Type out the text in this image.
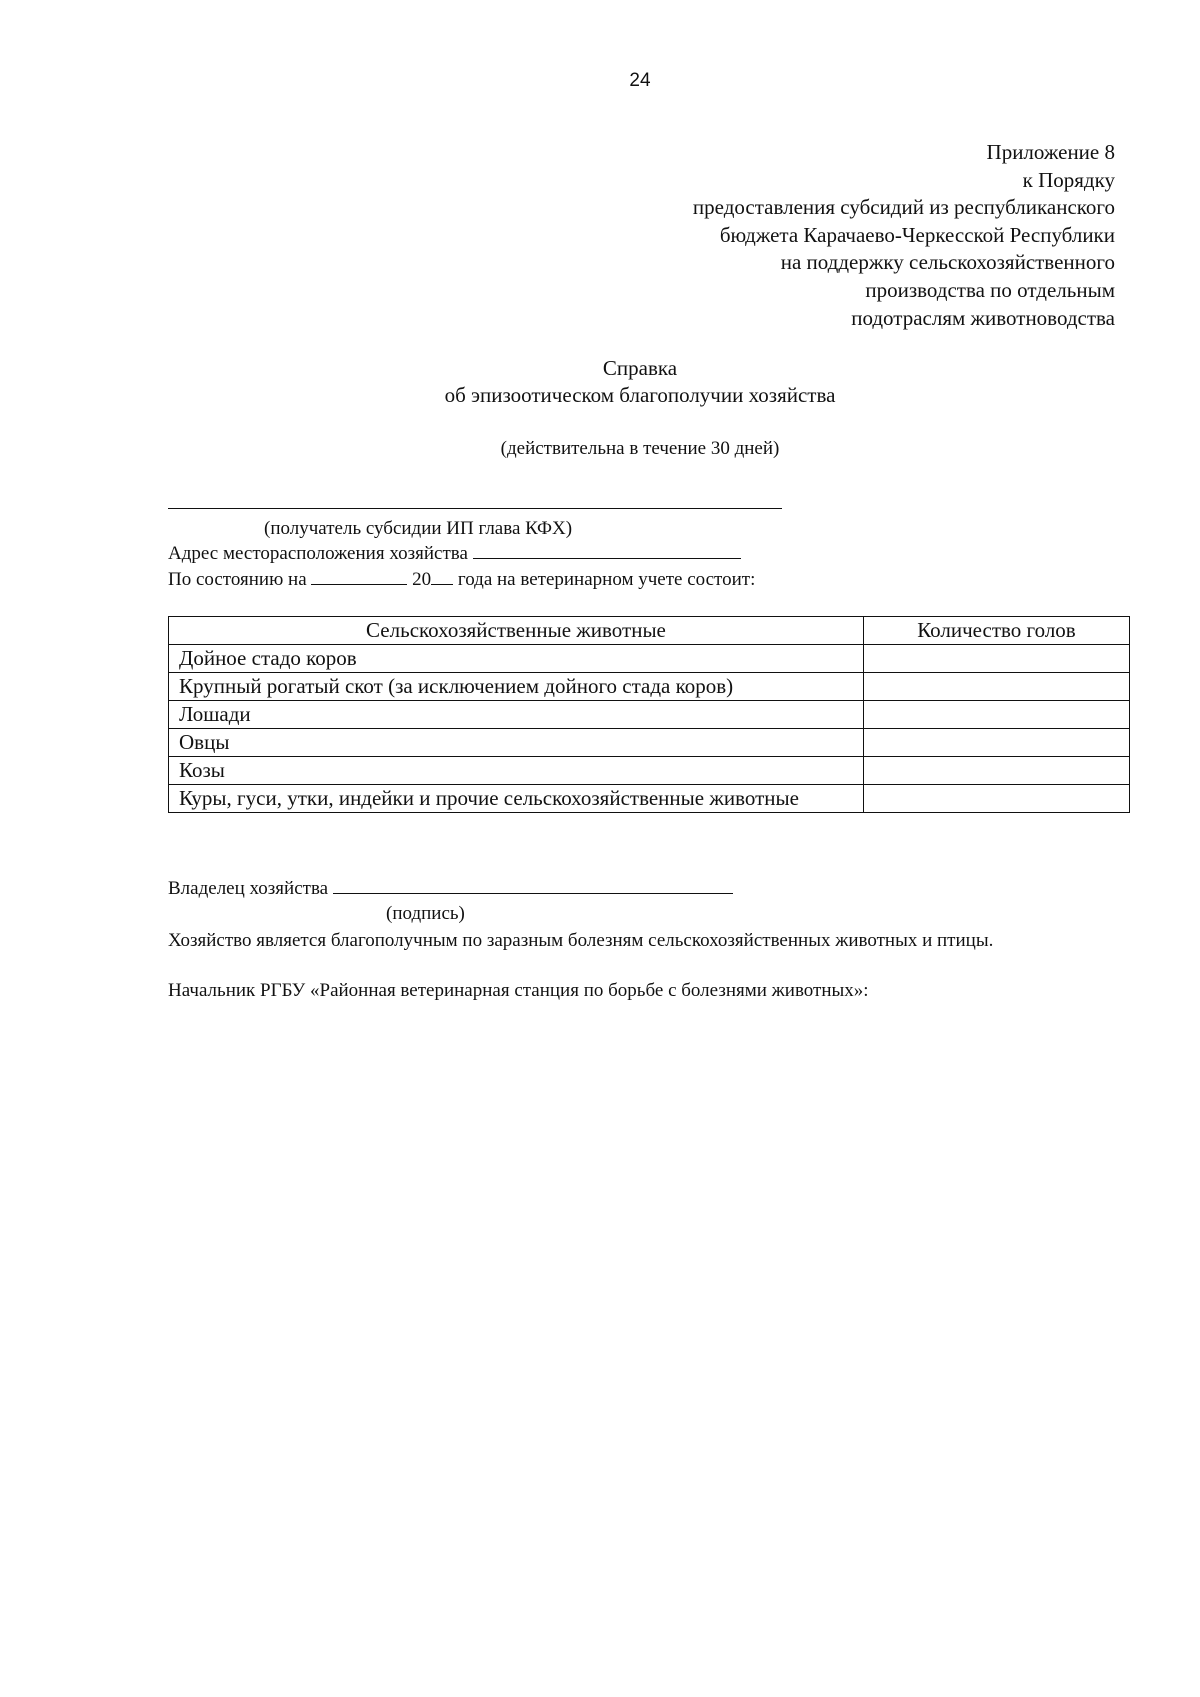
24
Приложение 8
к Порядку
предоставления субсидий из республиканского
бюджета Карачаево-Черкесской Республики
на поддержку сельскохозяйственного
производства по отдельным
подотраслям животноводства
Справка
об эпизоотическом благополучии хозяйства
(действительна в течение 30 дней)
(получатель субсидии ИП глава КФХ)
Адрес месторасположения хозяйства
По состоянию на	20 года на ветеринарном учете состоит:
Сельскохозяйственные животные	Количество голов
Дойное стадо коров	
Крупный рогатый скот (за исключением дойного стада коров)	
Лошади	
Овцы	
Козы	
Куры, гуси, утки, индейки и прочие сельскохозяйственные животные	
Владелец хозяйства
(подпись)
Хозяйство является благополучным по заразным болезням сельскохозяйственных животных и птицы.
Начальник РГБУ «Районная ветеринарная станция по борьбе с болезнями животных»:
